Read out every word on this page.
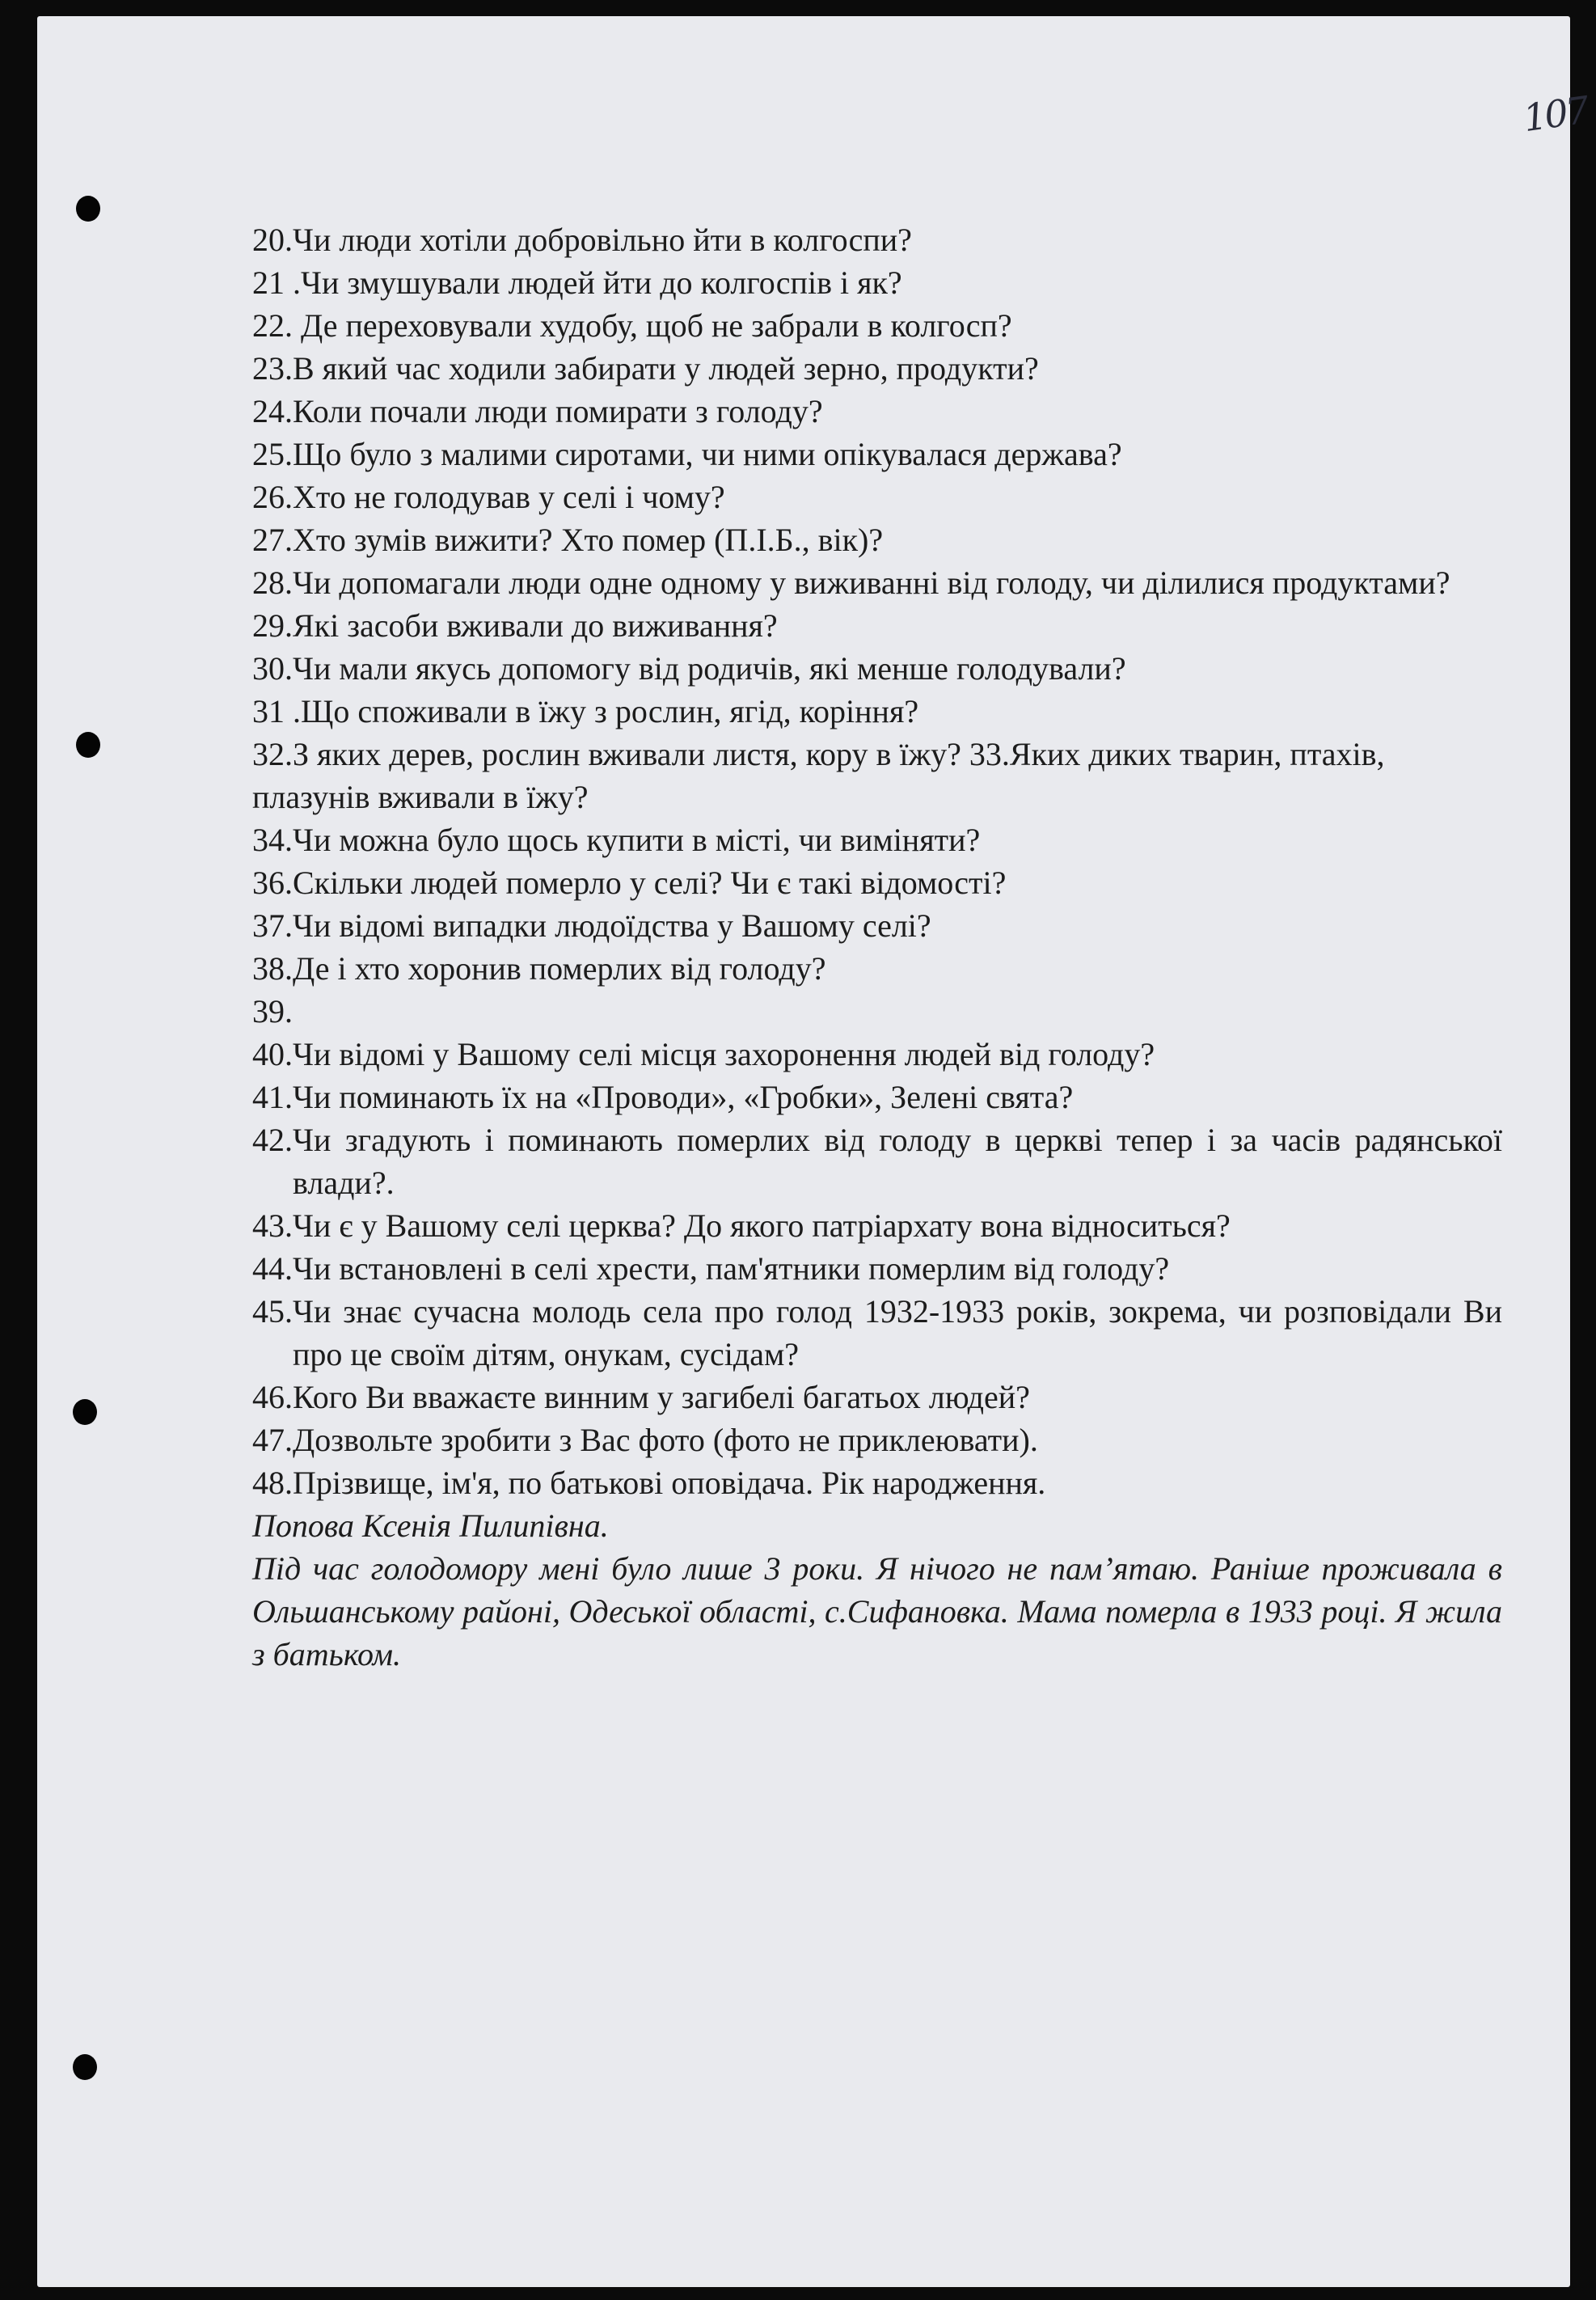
107
20. Чи люди хотіли добровільно йти в колгоспи?
21 . Чи змушували людей йти до колгоспів і як?
22. Де переховували худобу, щоб не забрали в колгосп?
23. В який час ходили забирати у людей зерно, продукти?
24. Коли почали люди помирати з голоду?
25. Що було з малими сиротами, чи ними опікувалася держава?
26. Хто не голодував у селі і чому?
27. Хто зумів вижити? Хто помер (П.І.Б., вік)?
28. Чи допомагали люди одне одному у виживанні від голоду, чи ділилися продуктами?
29. Які засоби вживали до виживання?
30. Чи мали якусь допомогу від родичів, які менше голодували?
31 . Що споживали в їжу з рослин, ягід, коріння?
32.З яких дерев, рослин вживали листя, кору в їжу? 33.Яких диких тварин, птахів, плазунів вживали в їжу?
34. Чи можна було щось купити в місті, чи виміняти?
36. Скільки людей померло у селі? Чи є такі відомості?
37. Чи відомі випадки людоїдства у Вашому селі?
38. Де і хто хоронив померлих від голоду?
39.
40. Чи відомі у Вашому селі місця захоронення людей від голоду?
41. Чи поминають їх на «Проводи», «Гробки», Зелені свята?
42. Чи згадують і поминають померлих від голоду в церкві тепер і за часів радянської влади?.
43. Чи є у Вашому селі церква? До якого патріархату вона відноситься?
44. Чи встановлені в селі хрести, пам'ятники померлим від голоду?
45. Чи знає сучасна молодь села про голод 1932-1933 років, зокрема, чи розповідали Ви про це своїм дітям, онукам, сусідам?
46. Кого Ви вважаєте винним у загибелі багатьох людей?
47. Дозвольте зробити з Вас фото (фото не приклеювати).
48. Прізвище, ім'я, по батькові оповідача. Рік народження.
Попова Ксенія Пилипівна.
Під час голодомору мені було лише 3 роки. Я нічого не пам’ятаю. Раніше проживала в Ольшанському районі, Одеської області, с.Сифановка. Мама померла в 1933 році. Я жила з батьком.
